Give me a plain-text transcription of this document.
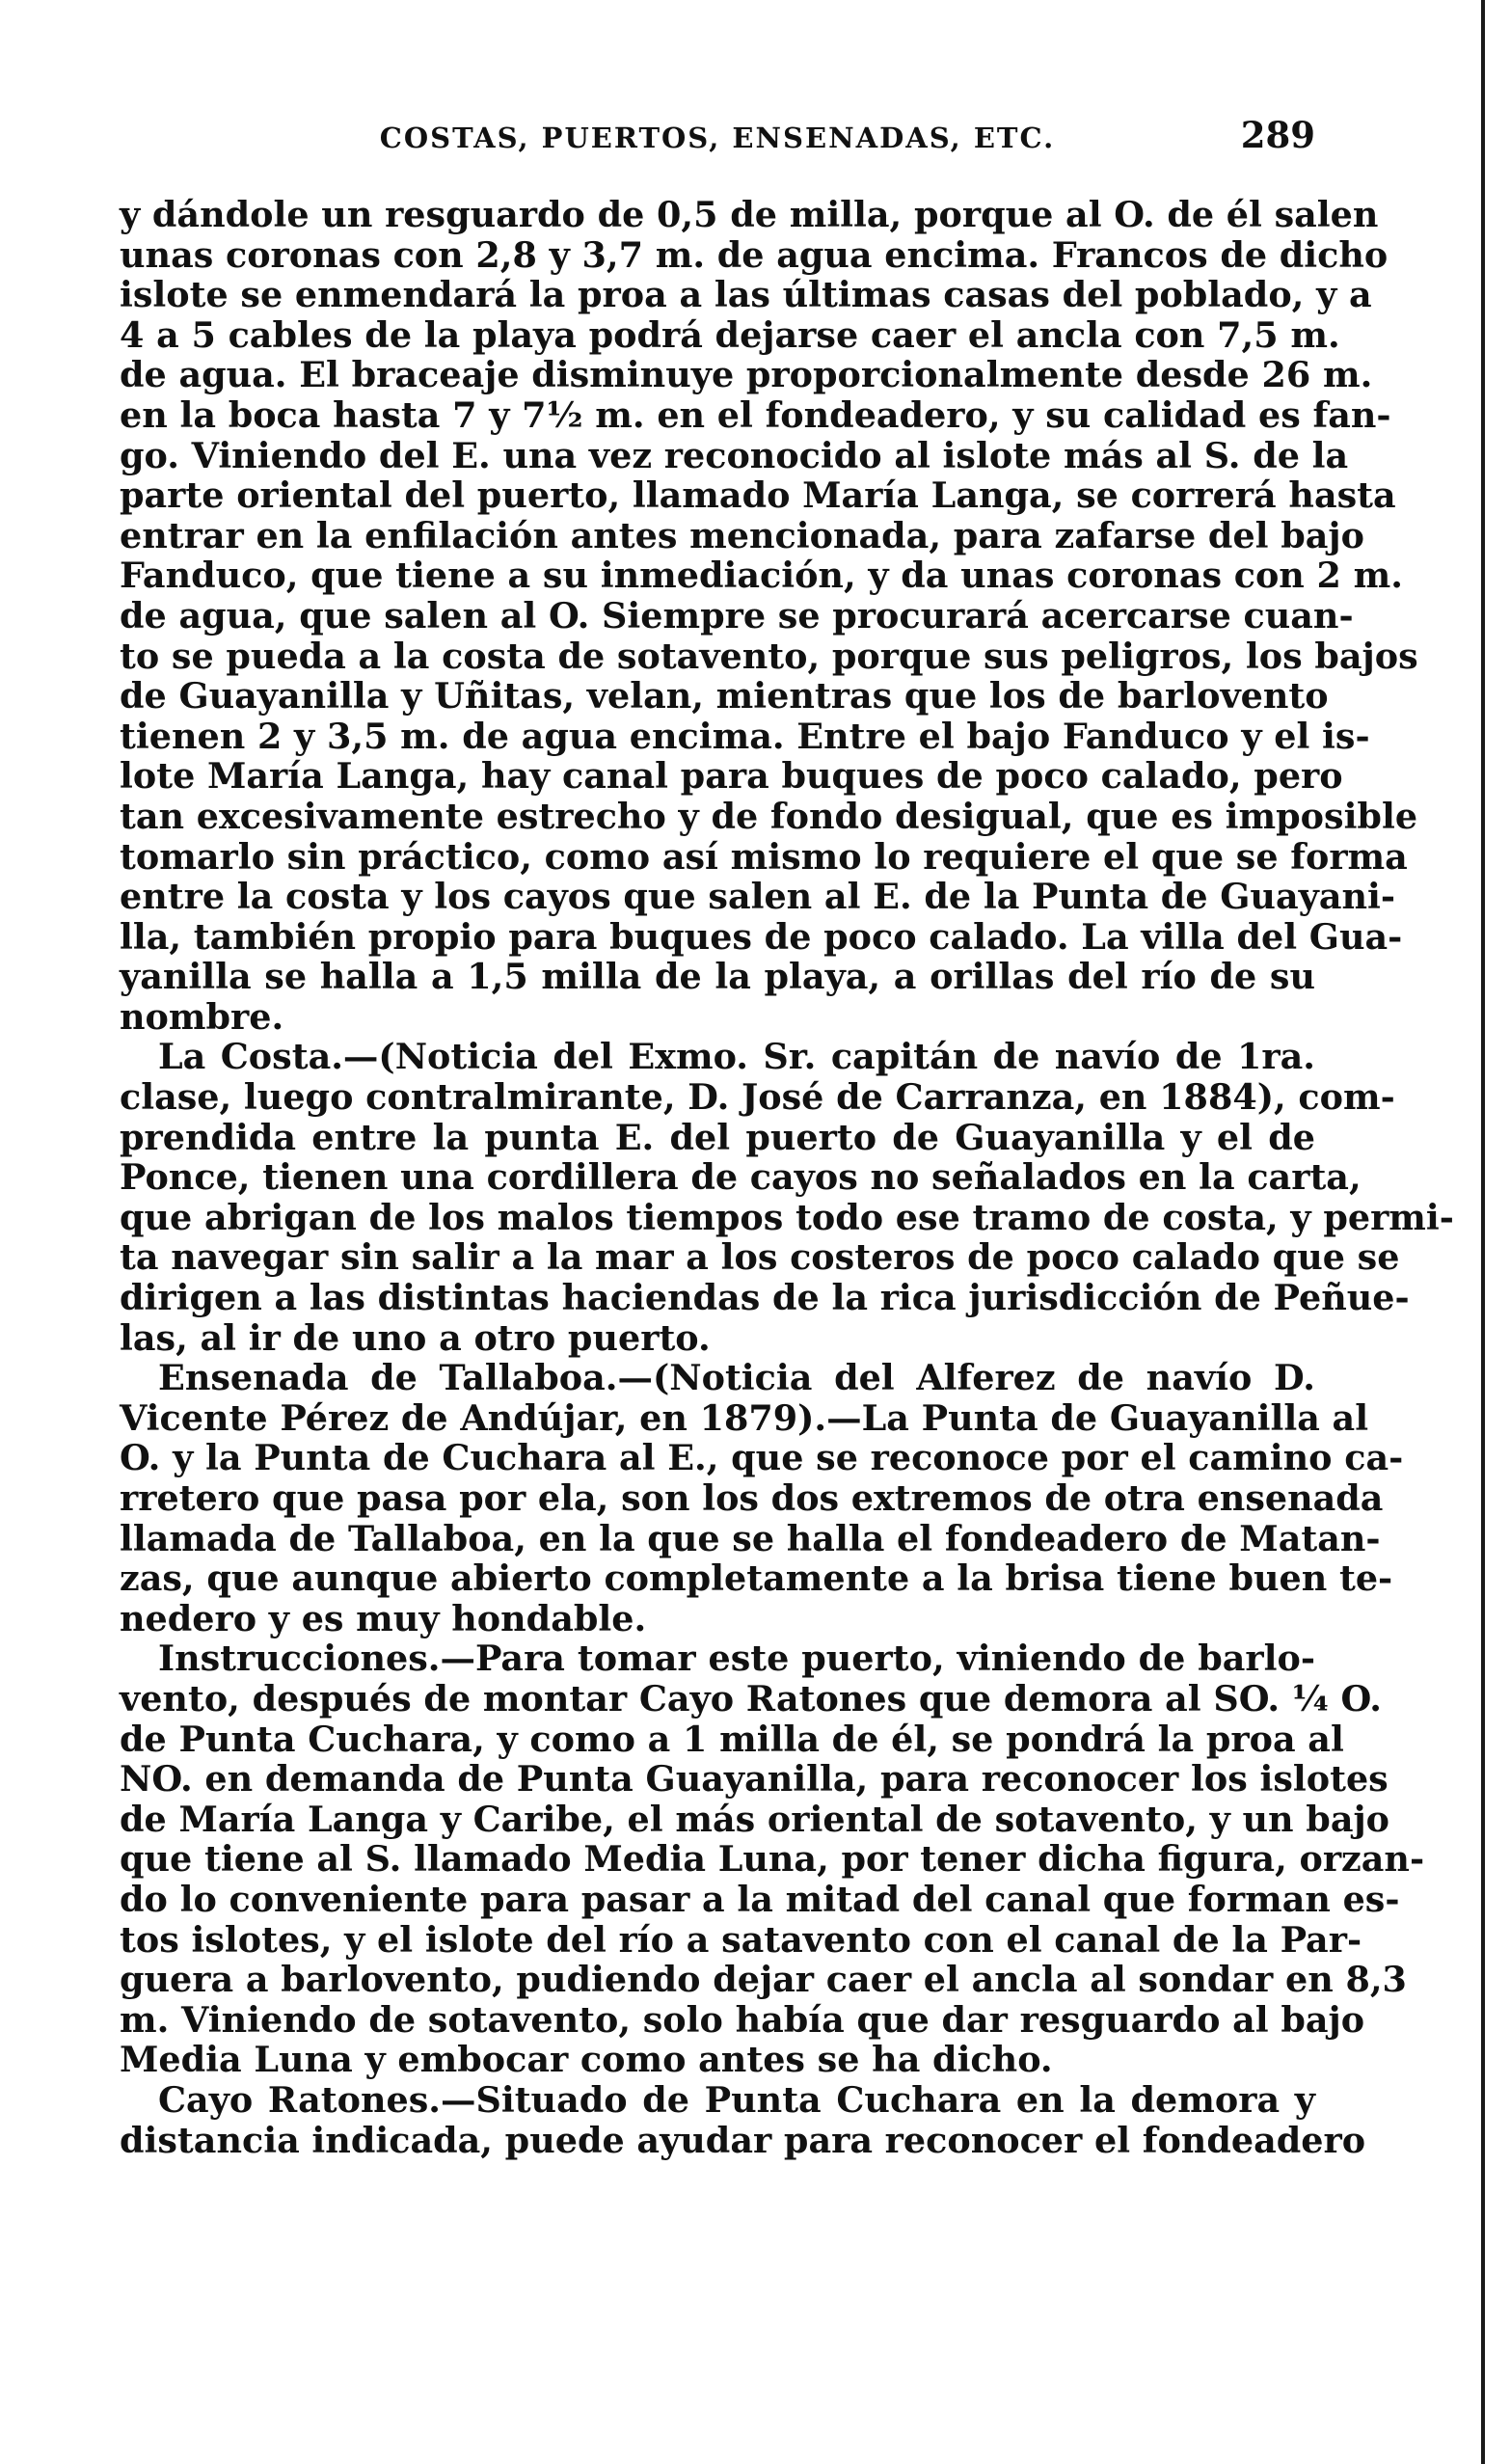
COSTAS, PUERTOS, ENSENADAS, ETC.	289
y dándole un resguardo de 0,5 de milla, porque al O. de él salen
unas coronas con 2,8 y 3,7 m. de agua encima. Francos de dicho
islote se enmendará la proa a las últimas casas del poblado, y a
4 a 5 cables de la playa podrá dejarse caer el ancla con 7,5 m.
de agua. El braceaje disminuye proporcionalmente desde 26 m.
en la boca hasta 7 y 7½ m. en el fondeadero, y su calidad es fan-
go. Viniendo del E. una vez reconocido al islote más al S. de la
parte oriental del puerto, llamado María Langa, se correrá hasta
entrar en la enfilación antes mencionada, para zafarse del bajo
Fanduco, que tiene a su inmediación, y da unas coronas con 2 m.
de agua, que salen al O. Siempre se procurará acercarse cuan-
to se pueda a la costa de sotavento, porque sus peligros, los bajos
de Guayanilla y Uñitas, velan, mientras que los de barlovento
tienen 2 y 3,5 m. de agua encima. Entre el bajo Fanduco y el is-
lote María Langa, hay canal para buques de poco calado, pero
tan excesivamente estrecho y de fondo desigual, que es imposible
tomarlo sin práctico, como así mismo lo requiere el que se forma
entre la costa y los cayos que salen al E. de la Punta de Guayani-
lla, también propio para buques de poco calado. La villa del Gua-
yanilla se halla a 1,5 milla de la playa, a orillas del río de su
nombre.
La Costa.—(Noticia del Exmo. Sr. capitán de navío de 1ra.
clase, luego contralmirante, D. José de Carranza, en 1884), com-
prendida entre la punta E. del puerto de Guayanilla y el de
Ponce, tienen una cordillera de cayos no señalados en la carta,
que abrigan de los malos tiempos todo ese tramo de costa, y permi-
ta navegar sin salir a la mar a los costeros de poco calado que se
dirigen a las distintas haciendas de la rica jurisdicción de Peñue-
las, al ir de uno a otro puerto.
Ensenada de Tallaboa.—(Noticia del Alferez de navío D.
Vicente Pérez de Andújar, en 1879).—La Punta de Guayanilla al
O. y la Punta de Cuchara al E., que se reconoce por el camino ca-
rretero que pasa por ela, son los dos extremos de otra ensenada
llamada de Tallaboa, en la que se halla el fondeadero de Matan-
zas, que aunque abierto completamente a la brisa tiene buen te-
nedero y es muy hondable.
Instrucciones.—Para tomar este puerto, viniendo de barlo-
vento, después de montar Cayo Ratones que demora al SO. ¼ O.
de Punta Cuchara, y como a 1 milla de él, se pondrá la proa al
NO. en demanda de Punta Guayanilla, para reconocer los islotes
de María Langa y Caribe, el más oriental de sotavento, y un bajo
que tiene al S. llamado Media Luna, por tener dicha figura, orzan-
do lo conveniente para pasar a la mitad del canal que forman es-
tos islotes, y el islote del río a satavento con el canal de la Par-
guera a barlovento, pudiendo dejar caer el ancla al sondar en 8,3
m. Viniendo de sotavento, solo había que dar resguardo al bajo
Media Luna y embocar como antes se ha dicho.
Cayo Ratones.—Situado de Punta Cuchara en la demora y
distancia indicada, puede ayudar para reconocer el fondeadero
